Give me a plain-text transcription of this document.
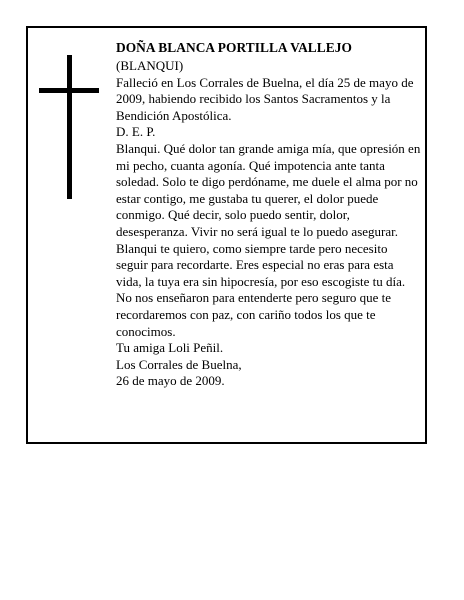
DOÑA BLANCA PORTILLA VALLEJO

(BLANQUI)

Falleció en Los Corrales de Buelna, el día 25 de mayo de 2009, habiendo recibido los Santos Sacramentos y la Bendición Apostólica.

D. E. P.

Blanqui. Qué dolor tan grande amiga mía, que opresión en mi pecho, cuanta agonía. Qué impotencia ante tanta soledad. Solo te digo perdóname, me duele el alma por no estar contigo, me gustaba tu querer, el dolor puede conmigo. Qué decir, solo puedo sentir, dolor, desesperanza. Vivir no será igual te lo puedo asegurar. Blanqui te quiero, como siempre tarde pero necesito seguir para recordarte. Eres especial no eras para esta vida, la tuya era sin hipocresía, por eso escogiste tu día. No nos enseñaron para entenderte pero seguro que te recordaremos con paz, con cariño todos los que te conocimos.

Tu amiga Loli Peñil.

Los Corrales de Buelna,

26 de mayo de 2009.
